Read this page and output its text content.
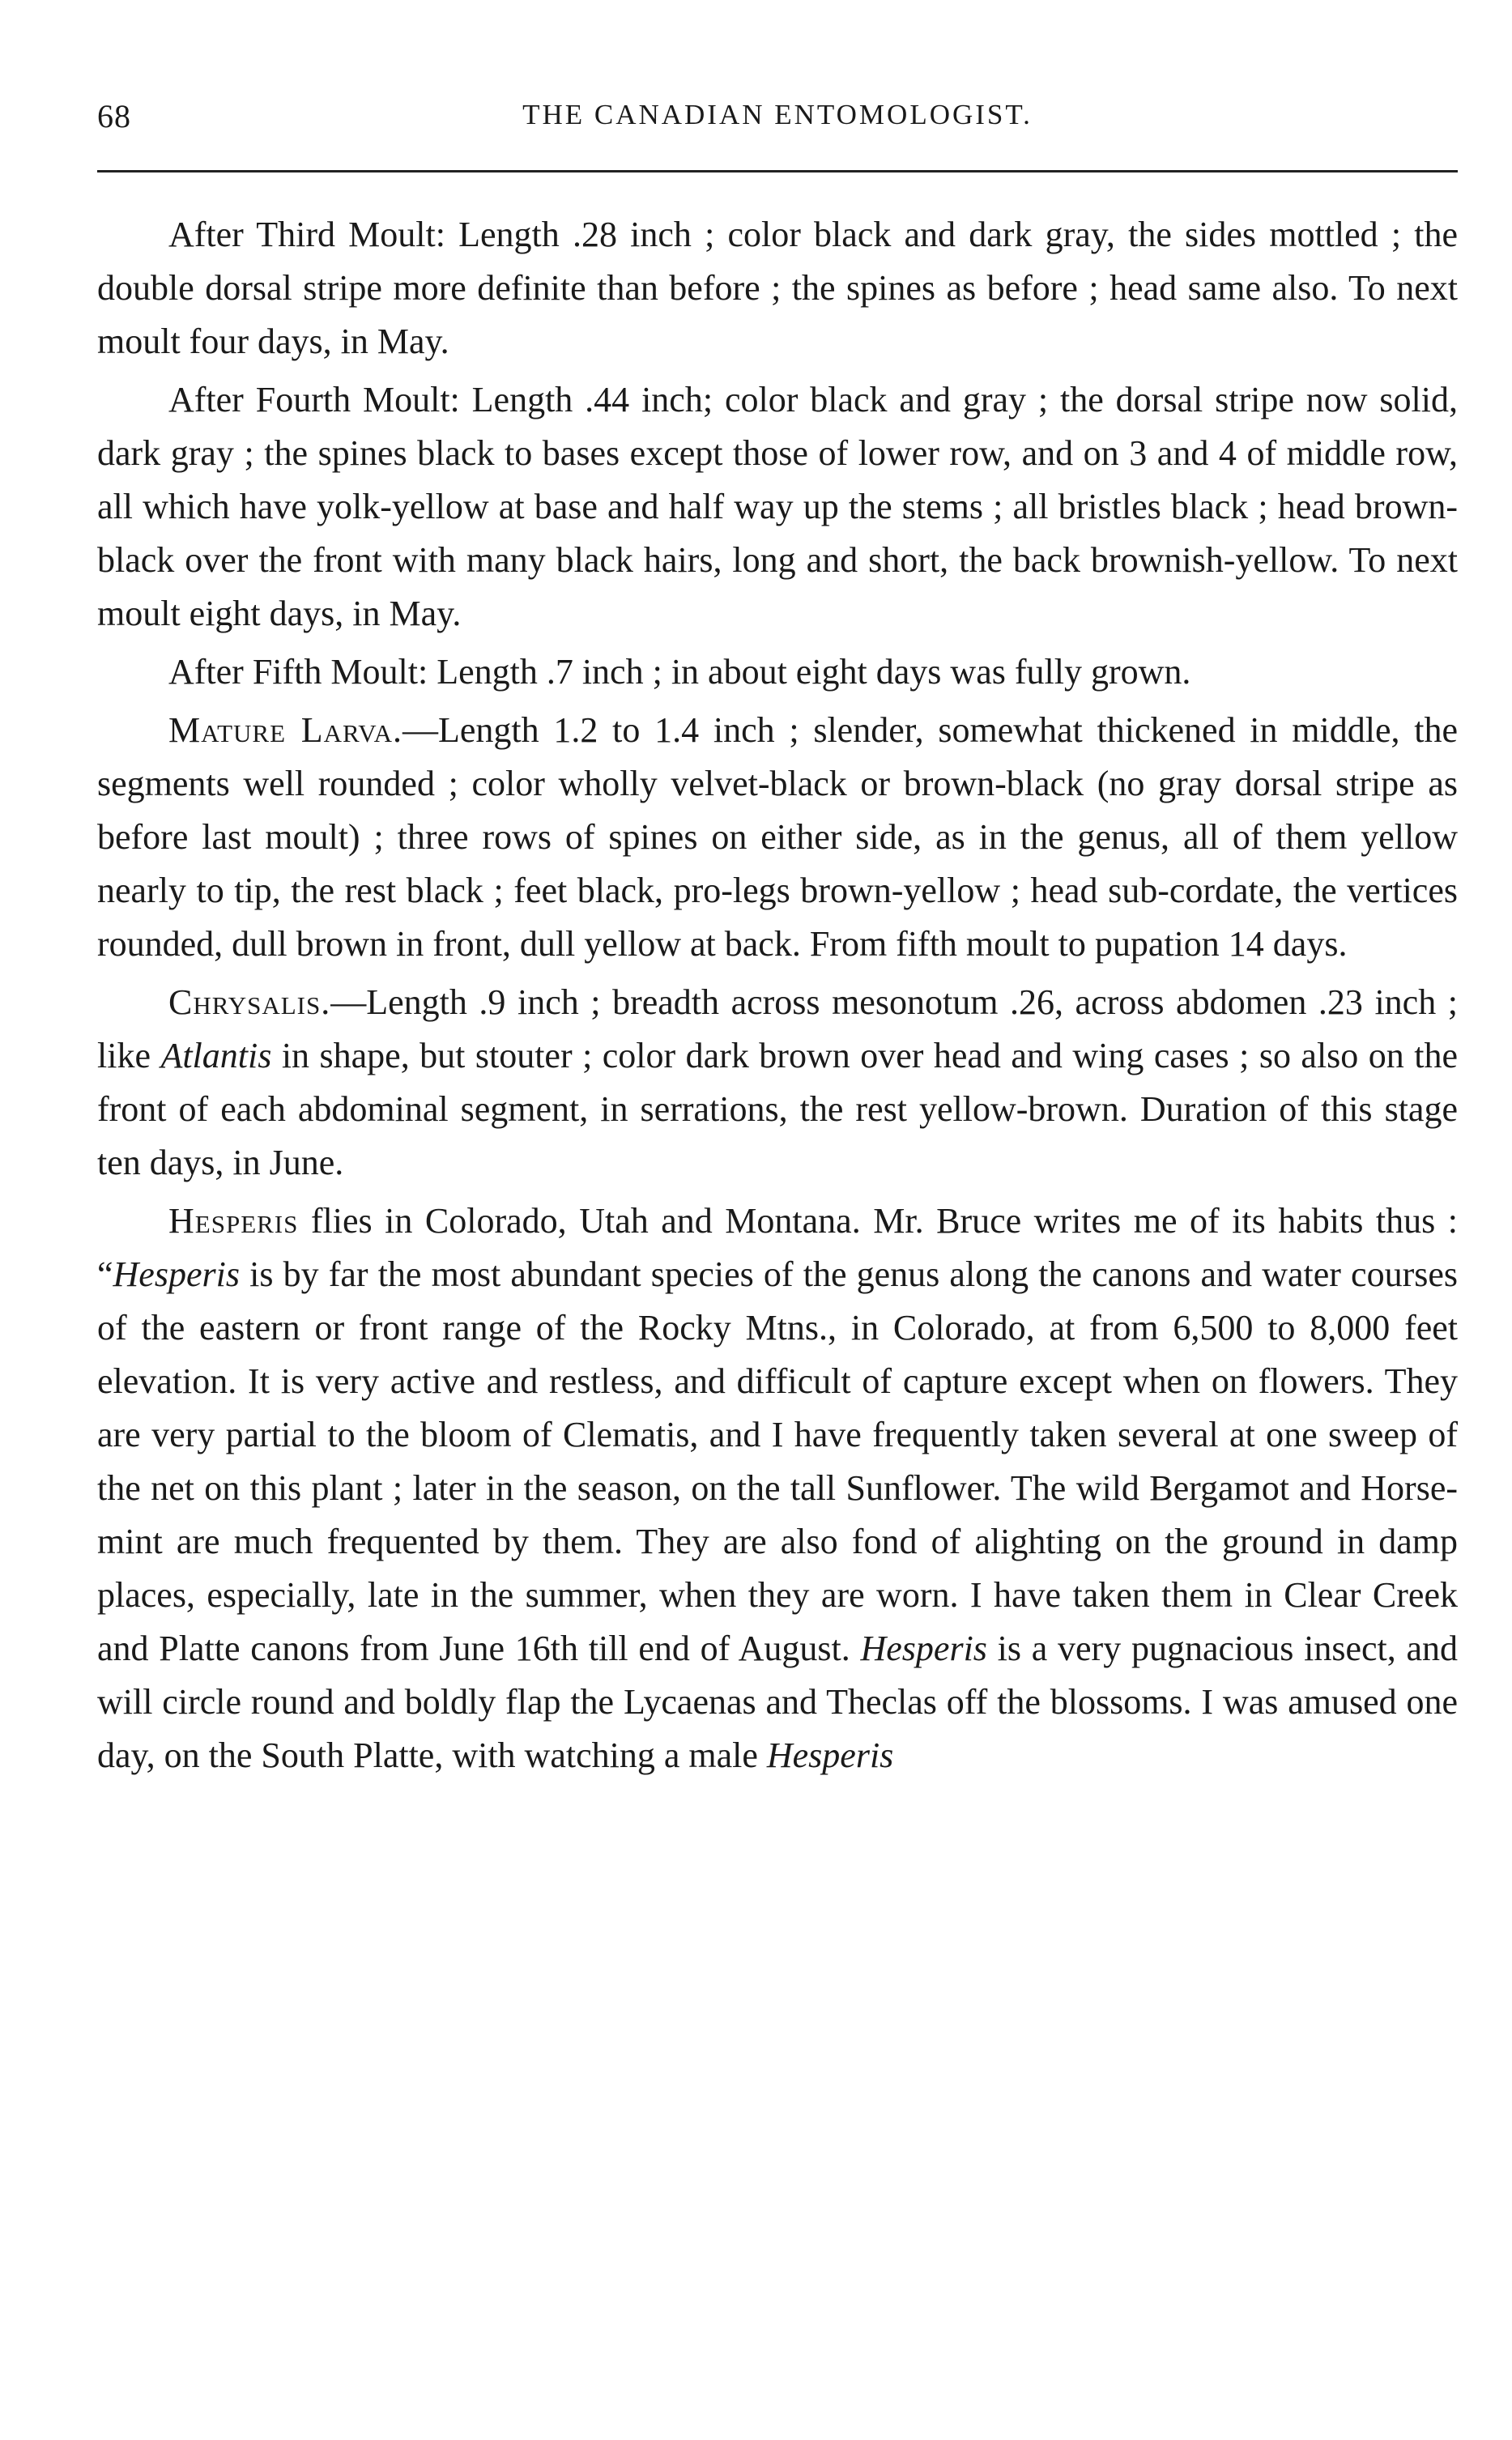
68	THE CANADIAN ENTOMOLOGIST.

After Third Moult: Length .28 inch ; color black and dark gray, the sides mottled ; the double dorsal stripe more definite than before ; the spines as before ; head same also. To next moult four days, in May.

After Fourth Moult: Length .44 inch; color black and gray ; the dorsal stripe now solid, dark gray ; the spines black to bases except those of lower row, and on 3 and 4 of middle row, all which have yolk-yellow at base and half way up the stems ; all bristles black ; head brown-black over the front with many black hairs, long and short, the back brownish-yellow. To next moult eight days, in May.

After Fifth Moult: Length .7 inch ; in about eight days was fully grown.

Mature Larva.—Length 1.2 to 1.4 inch ; slender, somewhat thickened in middle, the segments well rounded ; color wholly velvet-black or brown-black (no gray dorsal stripe as before last moult) ; three rows of spines on either side, as in the genus, all of them yellow nearly to tip, the rest black ; feet black, pro-legs brown-yellow ; head sub-cordate, the vertices rounded, dull brown in front, dull yellow at back. From fifth moult to pupation 14 days.

Chrysalis.—Length .9 inch ; breadth across mesonotum .26, across abdomen .23 inch ; like Atlantis in shape, but stouter ; color dark brown over head and wing cases ; so also on the front of each abdominal segment, in serrations, the rest yellow-brown. Duration of this stage ten days, in June.

Hesperis flies in Colorado, Utah and Montana. Mr. Bruce writes me of its habits thus : “Hesperis is by far the most abundant species of the genus along the canons and water courses of the eastern or front range of the Rocky Mtns., in Colorado, at from 6,500 to 8,000 feet elevation. It is very active and restless, and difficult of capture except when on flowers. They are very partial to the bloom of Clematis, and I have frequently taken several at one sweep of the net on this plant ; later in the season, on the tall Sunflower. The wild Bergamot and Horse-mint are much frequented by them. They are also fond of alighting on the ground in damp places, especially, late in the summer, when they are worn. I have taken them in Clear Creek and Platte canons from June 16th till end of August. Hesperis is a very pugnacious insect, and will circle round and boldly flap the Lycaenas and Theclas off the blossoms. I was amused one day, on the South Platte, with watching a male Hesperis
